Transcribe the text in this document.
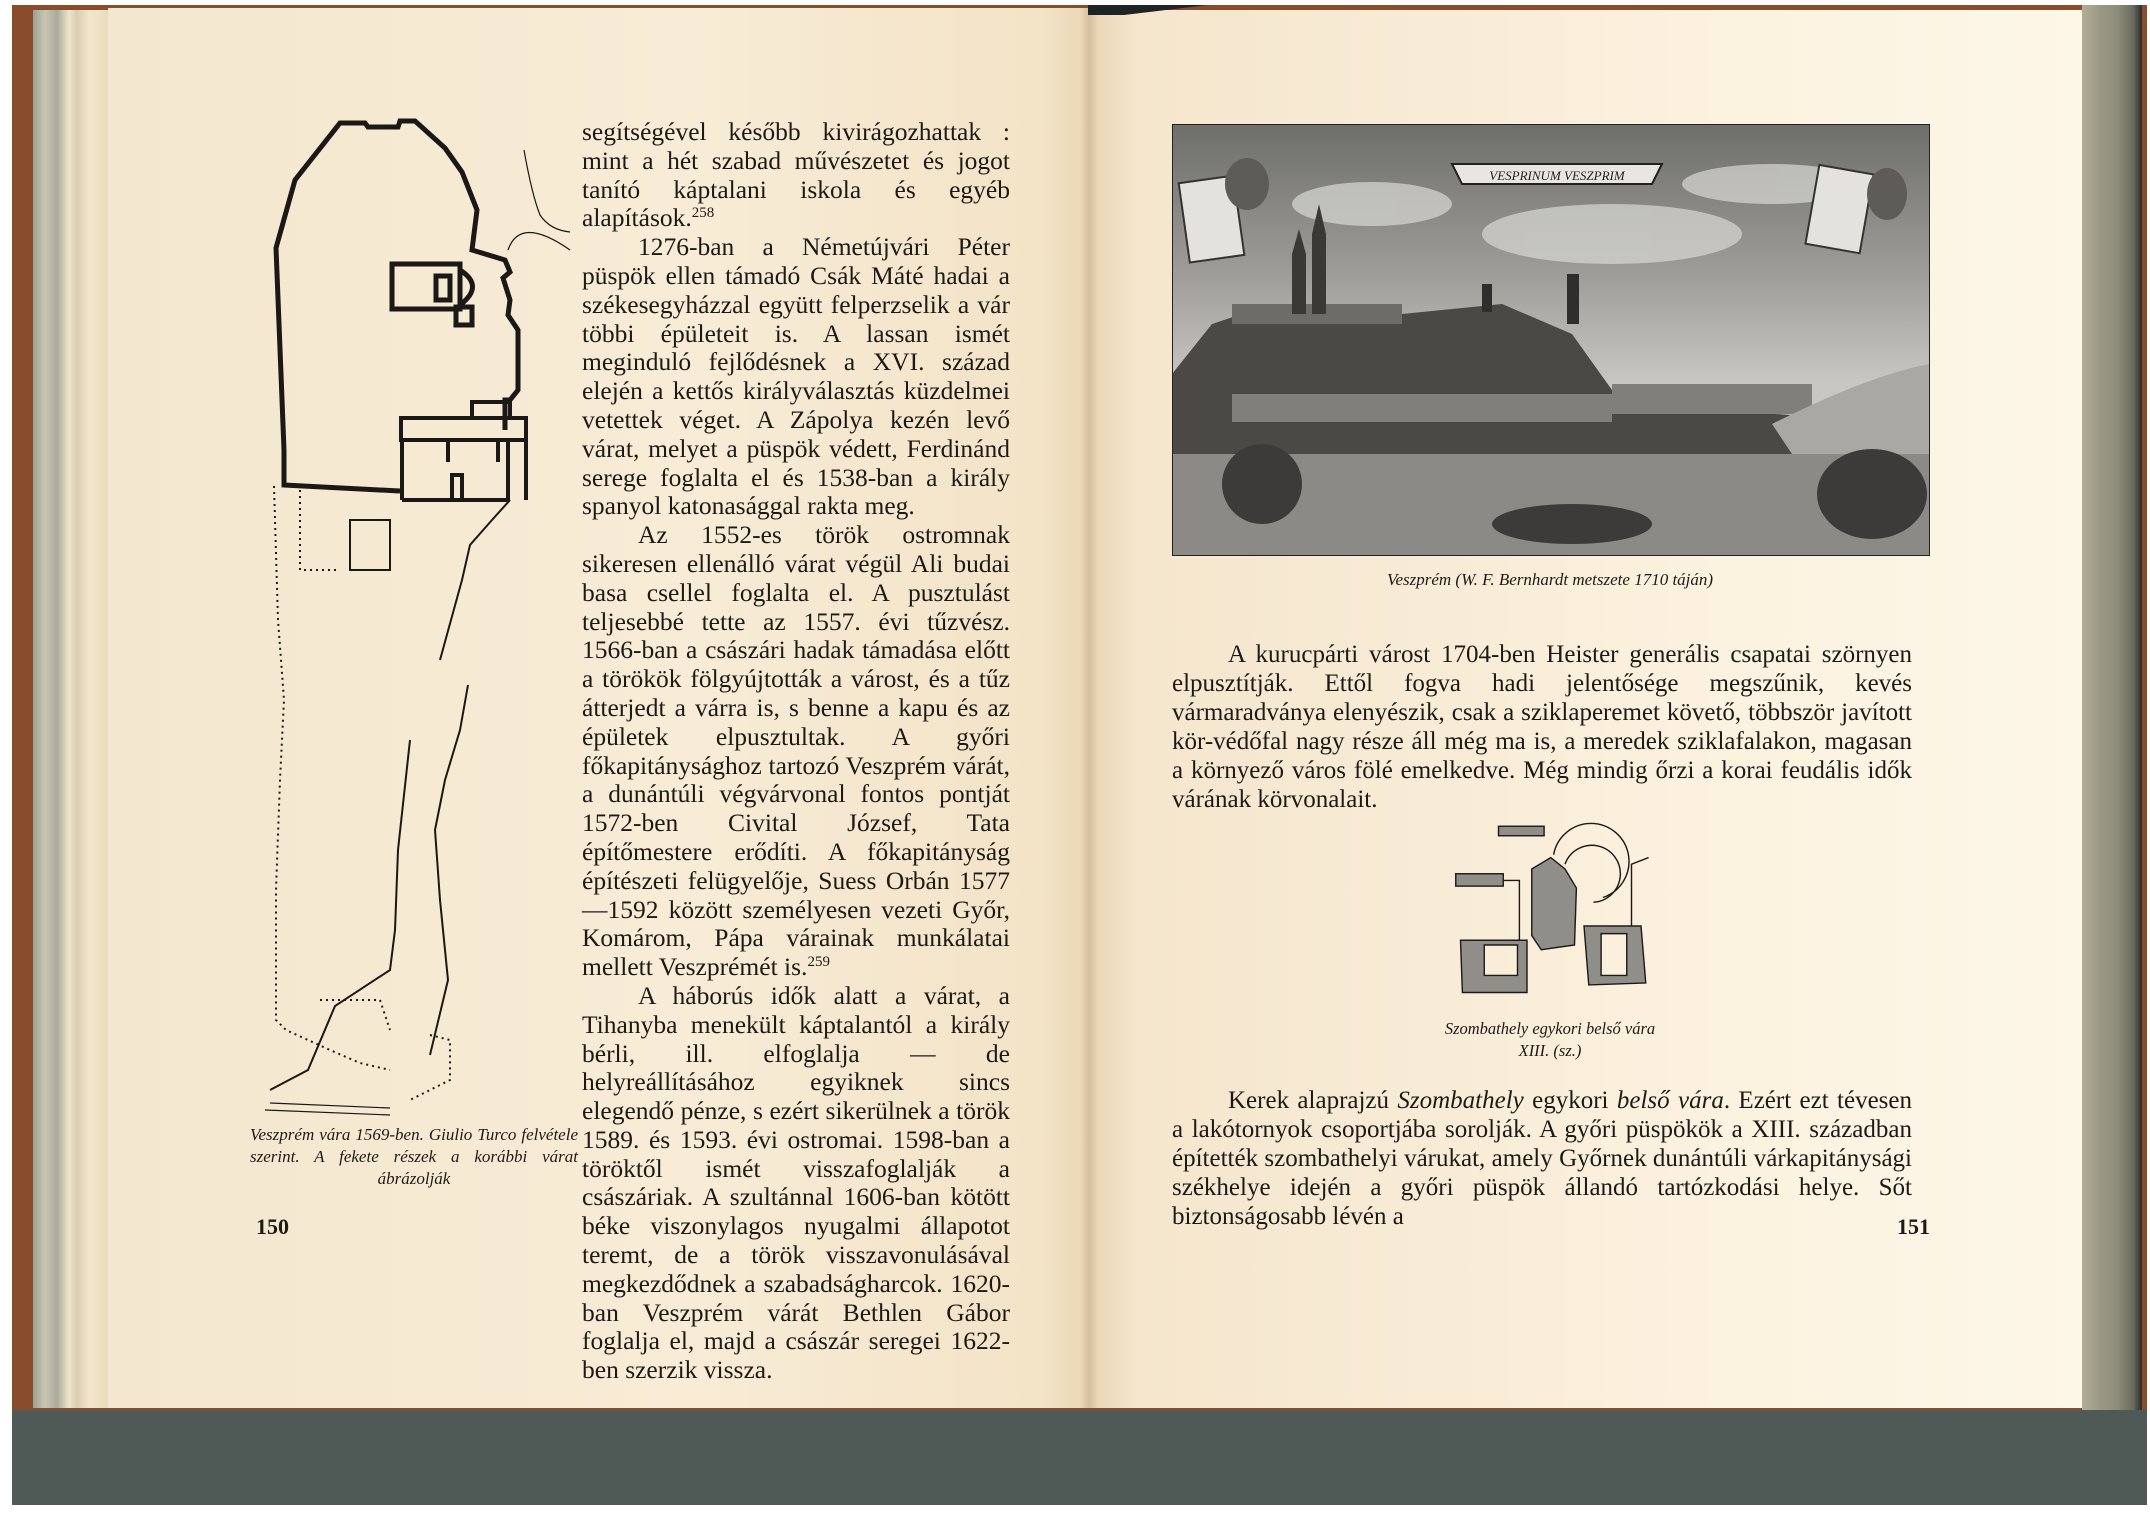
Veszprém vára 1569-ben. Giulio Turco felvétele szerint. A fekete részek a korábbi várat ábrázolják
150

segítségével később kivirágozhattak : mint a hét szabad művészetet és jogot tanító káptalani iskola és egyéb alapítások.$^{258}$

1276-ban a Németújvári Péter püspök ellen támadó Csák Máté hadai a székesegyházzal együtt felperzselik a vár többi épületeit is. A lassan ismét meginduló fejlődésnek a XVI. század elején a kettős királyválasztás küzdelmei vetettek véget. A Zápolya kezén levő várat, melyet a püspök védett, Ferdinánd serege foglalta el és 1538-ban a király spanyol katonasággal rakta meg.

Az 1552-es török ostromnak sikeresen ellenálló várat végül Ali budai basa csellel foglalta el. A pusztulást teljesebbé tette az 1557. évi tűzvész. 1566-ban a császári hadak támadása előtt a törökök fölgyújtották a várost, és a tűz átterjedt a várra is, s benne a kapu és az épületek elpusztultak. A győri főkapitánysághoz tartozó Veszprém várát, a dunántúli végvárvonal fontos pontját 1572-ben Civital József, Tata építőmestere erődíti. A főkapitányság építészeti felügyelője, Suess Orbán 1577—1592 között személyesen vezeti Győr, Komárom, Pápa várainak munkálatai mellett Veszprémét is.$^{259}$

A háborús idők alatt a várat, a Tihanyba menekült káptalantól a király bérli, ill. elfoglalja — de helyreállításához egyiknek sincs elegendő pénze, s ezért sikerülnek a török 1589. és 1593. évi ostromai. 1598-ban a töröktől ismét visszafoglalják a császáriak. A szultánnal 1606-ban kötött béke viszonylagos nyugalmi állapotot teremt, de a török visszavonulásával megkezdődnek a szabadságharcok. 1620-ban Veszprém várát Bethlen Gábor foglalja el, majd a császár seregei 1622-ben szerzik vissza.

VESPRINUM VESZPRIM
Veszprém (W. F. Bernhardt metszete 1710 táján)

A kurucpárti várost 1704-ben Heister generális csapatai szörnyen elpusztítják. Ettől fogva hadi jelentősége megszűnik, kevés vármaradványa elenyészik, csak a sziklaperemet követő, többször javított kör-védőfal nagy része áll még ma is, a meredek sziklafalakon, magasan a környező város fölé emelkedve. Még mindig őrzi a korai feudális idők várának körvonalait.

Szombathely egykori belső vára
XIII. (sz.)

Kerek alaprajzú Szombathely egykori belső vára. Ezért ezt tévesen a lakótornyok csoportjába sorolják. A győri püspökök a XIII. században építették szombathelyi várukat, amely Győrnek dunántúli várkapitánysági székhelye idején a győri püspök állandó tartózkodási helye. Sőt biztonságosabb lévén a	151
